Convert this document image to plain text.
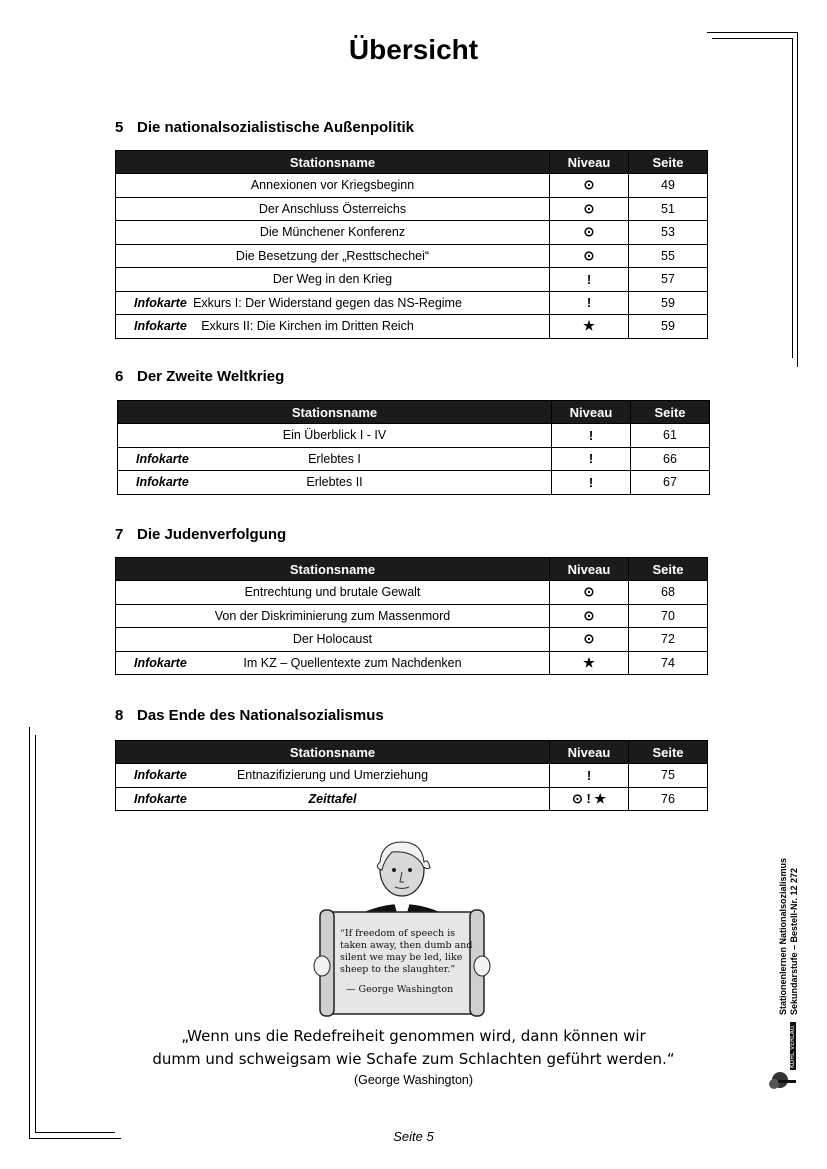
Übersicht
5 Die nationalsozialistische Außenpolitik
Stationsname	Niveau	Seite
Annexionen vor Kriegsbeginn	⊙	49
Der Anschluss Österreichs	⊙	51
Die Münchener Konferenz	⊙	53
Die Besetzung der „Resttschechei“	⊙	55
Der Weg in den Krieg	!	57

Infokarte Exkurs I: Der Widerstand gegen das NS-Regime	!	59

Infokarte Exkurs II: Die Kirchen im Dritten Reich	★	59
6 Der Zweite Weltkrieg
Stationsname	Niveau	Seite
Ein Überblick I - IV	!	61

Infokarte Erlebtes I	!	66

Infokarte Erlebtes II	!	67
7 Die Judenverfolgung
Stationsname	Niveau	Seite
Entrechtung und brutale Gewalt	⊙	68
Von der Diskriminierung zum Massenmord	⊙	70
Der Holocaust	⊙	72

Infokarte Im KZ – Quellentexte zum Nachdenken	★	74
8 Das Ende des Nationalsozialismus
Stationsname	Niveau	Seite

Infokarte Entnazifizierung und Umerziehung	!	75

Infokarte Zeittafel	⊙ ! ★	76
“If freedom of speech is
taken away, then dumb and
silent we may be led, like
sheep to the slaughter.”
— George Washington
„Wenn uns die Redefreiheit genommen wird, dann können wir
dumm und schweigsam wie Schafe zum Schlachten geführt werden.“
(George Washington)
Stationenlernen Nationalsozialismus Sekundarstufe – Bestell-Nr. 12 272
KOHL VERLAG
Seite 5
